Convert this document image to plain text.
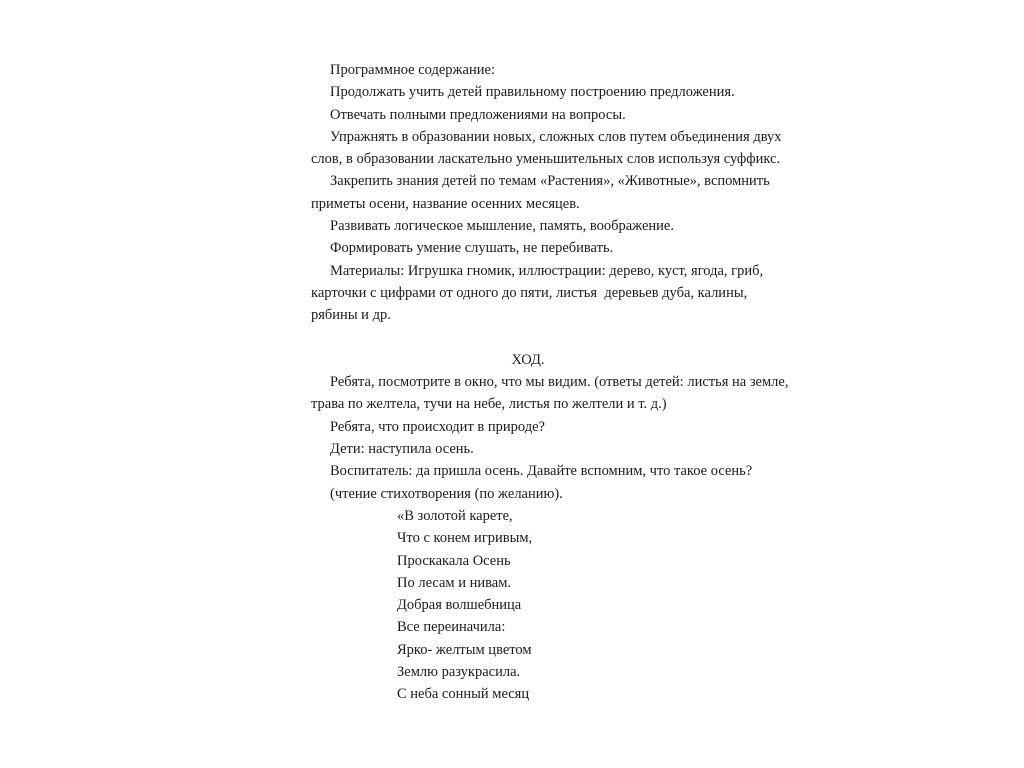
Программное содержание:
Продолжать учить детей правильному построению предложения.
Отвечать полными предложениями на вопросы.
Упражнять в образовании новых, сложных слов путем объединения двух
слов, в образовании ласкательно уменьшительных слов используя суффикс.
Закрепить знания детей по темам «Растения», «Животные», вспомнить
приметы осени, название осенних месяцев.
Развивать логическое мышление, память, воображение.
Формировать умение слушать, не перебивать.
Материалы: Игрушка гномик, иллюстрации: дерево, куст, ягода, гриб,
карточки с цифрами от одного до пяти, листья  деревьев дуба, калины,
рябины и др.
ХОД.
Ребята, посмотрите в окно, что мы видим. (ответы детей: листья на земле,
трава по желтела, тучи на небе, листья по желтели и т. д.)
Ребята, что происходит в природе?
Дети: наступила осень.
Воспитатель: да пришла осень. Давайте вспомним, что такое осень?
(чтение стихотворения (по желанию).
«В золотой карете,
Что с конем игривым,
Проскакала Осень
По лесам и нивам.
Добрая волшебница
Все переиначила:
Ярко- желтым цветом
Землю разукрасила.
С неба сонный месяц
